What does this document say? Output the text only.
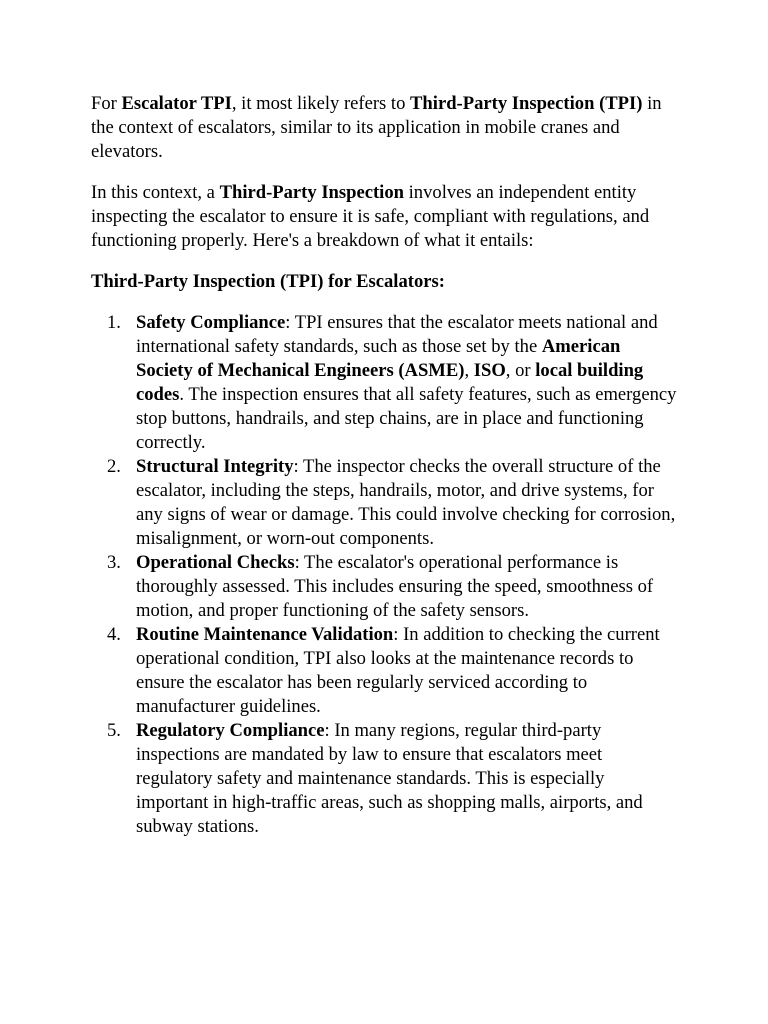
For Escalator TPI, it most likely refers to Third-Party Inspection (TPI) in the context of escalators, similar to its application in mobile cranes and elevators.

In this context, a Third-Party Inspection involves an independent entity inspecting the escalator to ensure it is safe, compliant with regulations, and functioning properly. Here's a breakdown of what it entails:

Third-Party Inspection (TPI) for Escalators:

1. Safety Compliance: TPI ensures that the escalator meets national and international safety standards, such as those set by the American Society of Mechanical Engineers (ASME), ISO, or local building codes. The inspection ensures that all safety features, such as emergency stop buttons, handrails, and step chains, are in place and functioning correctly.
2. Structural Integrity: The inspector checks the overall structure of the escalator, including the steps, handrails, motor, and drive systems, for any signs of wear or damage. This could involve checking for corrosion, misalignment, or worn-out components.
3. Operational Checks: The escalator's operational performance is thoroughly assessed. This includes ensuring the speed, smoothness of motion, and proper functioning of the safety sensors.
4. Routine Maintenance Validation: In addition to checking the current operational condition, TPI also looks at the maintenance records to ensure the escalator has been regularly serviced according to manufacturer guidelines.
5. Regulatory Compliance: In many regions, regular third-party inspections are mandated by law to ensure that escalators meet regulatory safety and maintenance standards. This is especially important in high-traffic areas, such as shopping malls, airports, and subway stations.
